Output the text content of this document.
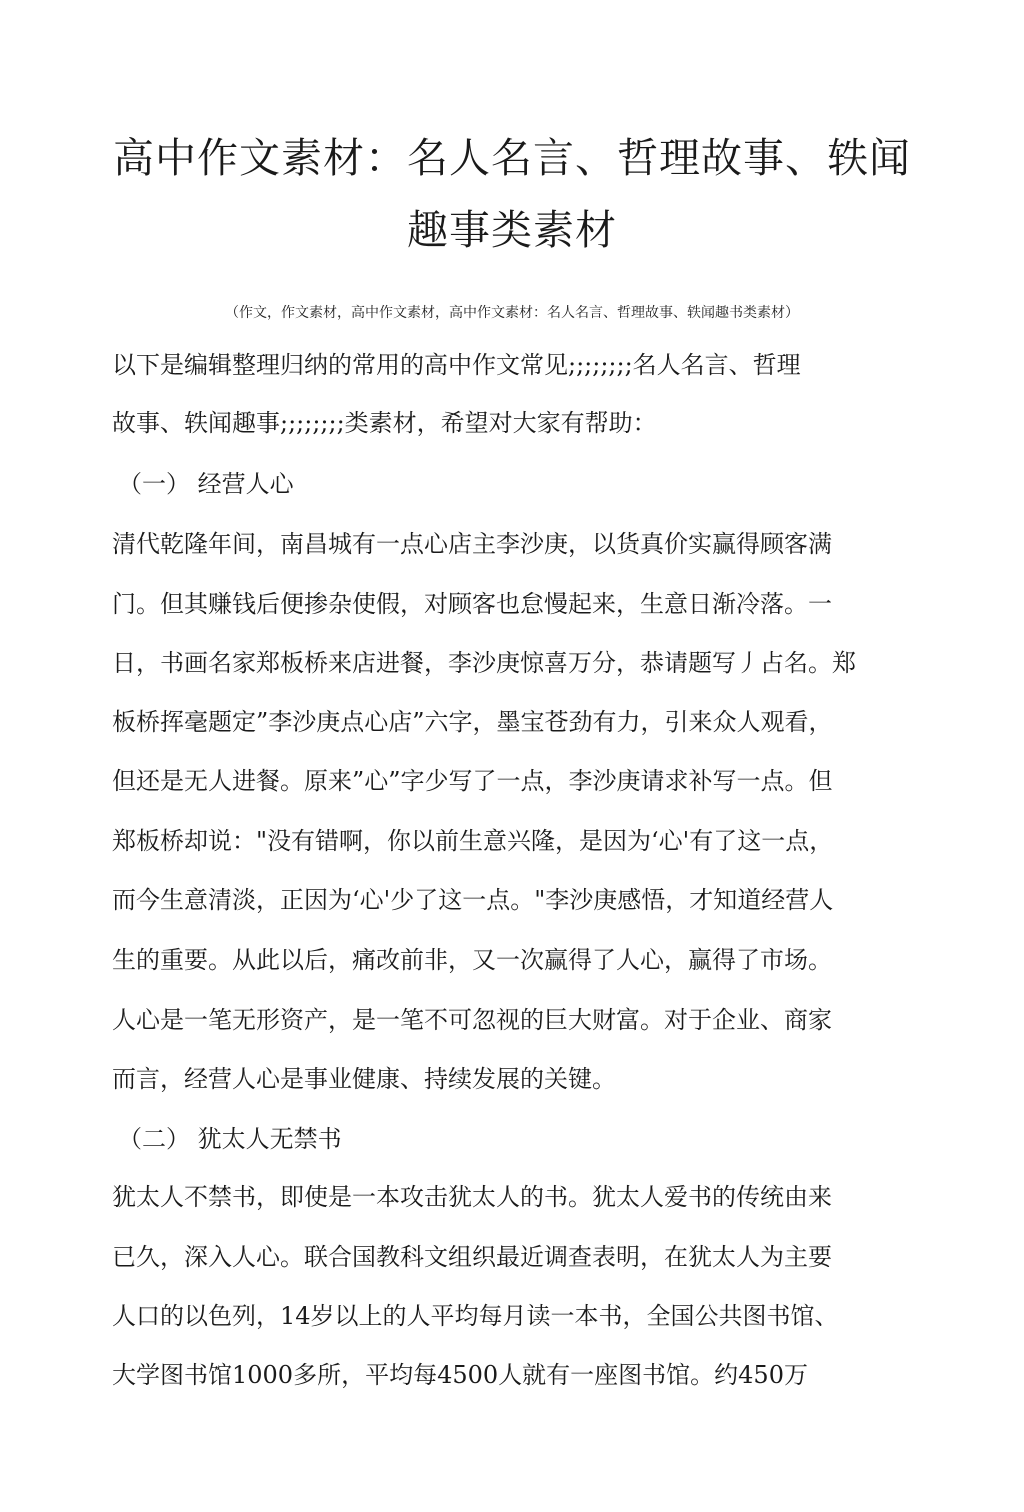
高中作文素材：名人名言、哲理故事、轶闻
趣事类素材
（作文，作文素材，高中作文素材，高中作文素材：名人名言、哲理故事、轶闻趣书类素材）
以下是编辑整理归纳的常用的高中作文常见;;;;;;;;名人名言、哲理
故事、轶闻趣事;;;;;;;;类素材，希望对大家有帮助：
（一） 经营人心
清代乾隆年间，南昌城有一点心店主李沙庚，以货真价实赢得顾客满
门。但其赚钱后便掺杂使假，对顾客也怠慢起来，生意日渐冷落。一
日，书画名家郑板桥来店进餐，李沙庚惊喜万分，恭请题写丿占名。郑
板桥挥毫题定”李沙庚点心店”六字，墨宝苍劲有力，引来众人观看，
但还是无人进餐。原来”心”字少写了一点，李沙庚请求补写一点。但
郑板桥却说："没有错啊，你以前生意兴隆，是因为‘心'有了这一点，
而今生意清淡，正因为‘心'少了这一点。"李沙庚感悟，才知道经营人
生的重要。从此以后，痛改前非，又一次赢得了人心，赢得了市场。
人心是一笔无形资产，是一笔不可忽视的巨大财富。对于企业、商家
而言，经营人心是事业健康、持续发展的关键。
（二） 犹太人无禁书
犹太人不禁书，即使是一本攻击犹太人的书。犹太人爱书的传统由来
已久，深入人心。联合国教科文组织最近调查表明，在犹太人为主要
人口的以色列，14岁以上的人平均每月读一本书，全国公共图书馆、
大学图书馆1000多所，平均每4500人就有一座图书馆。约450万
